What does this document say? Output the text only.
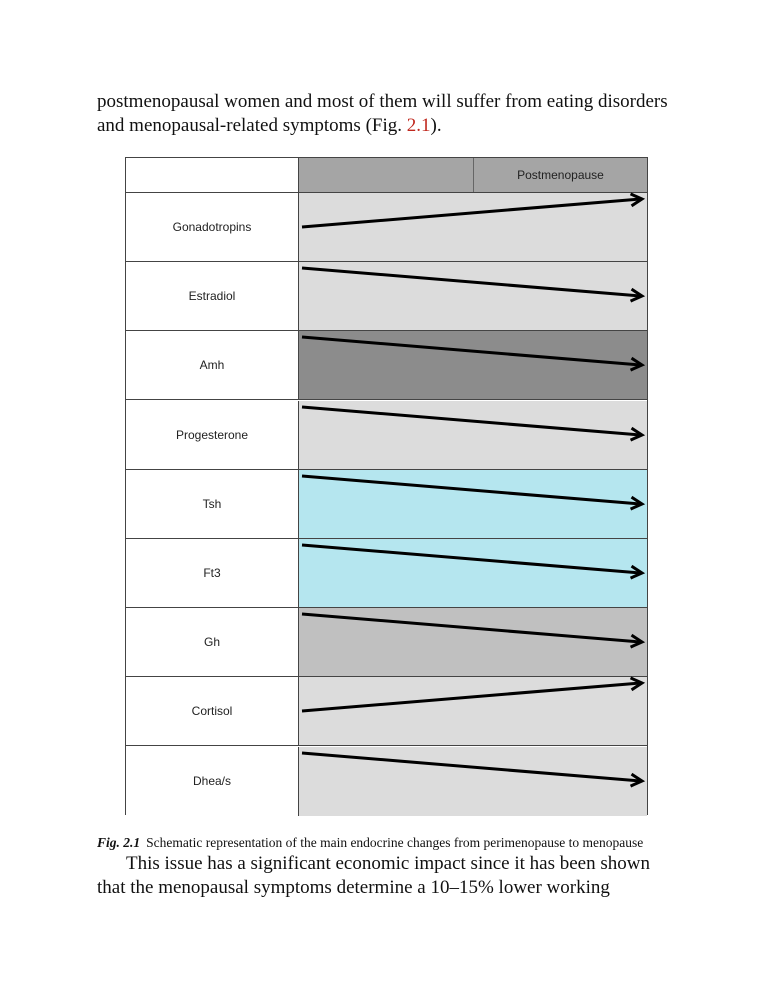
postmenopausal women and most of them will suffer from eating disorders
and menopausal-related symptoms (Fig. 2.1).
Postmenopause
Gonadotropins
Estradiol
Amh
Progesterone
Tsh
Ft3
Gh
Cortisol
Dhea/s
Fig. 2.1 Schematic representation of the main endocrine changes from perimenopause to menopause
This issue has a significant economic impact since it has been shown
that the menopausal symptoms determine a 10–15% lower working
